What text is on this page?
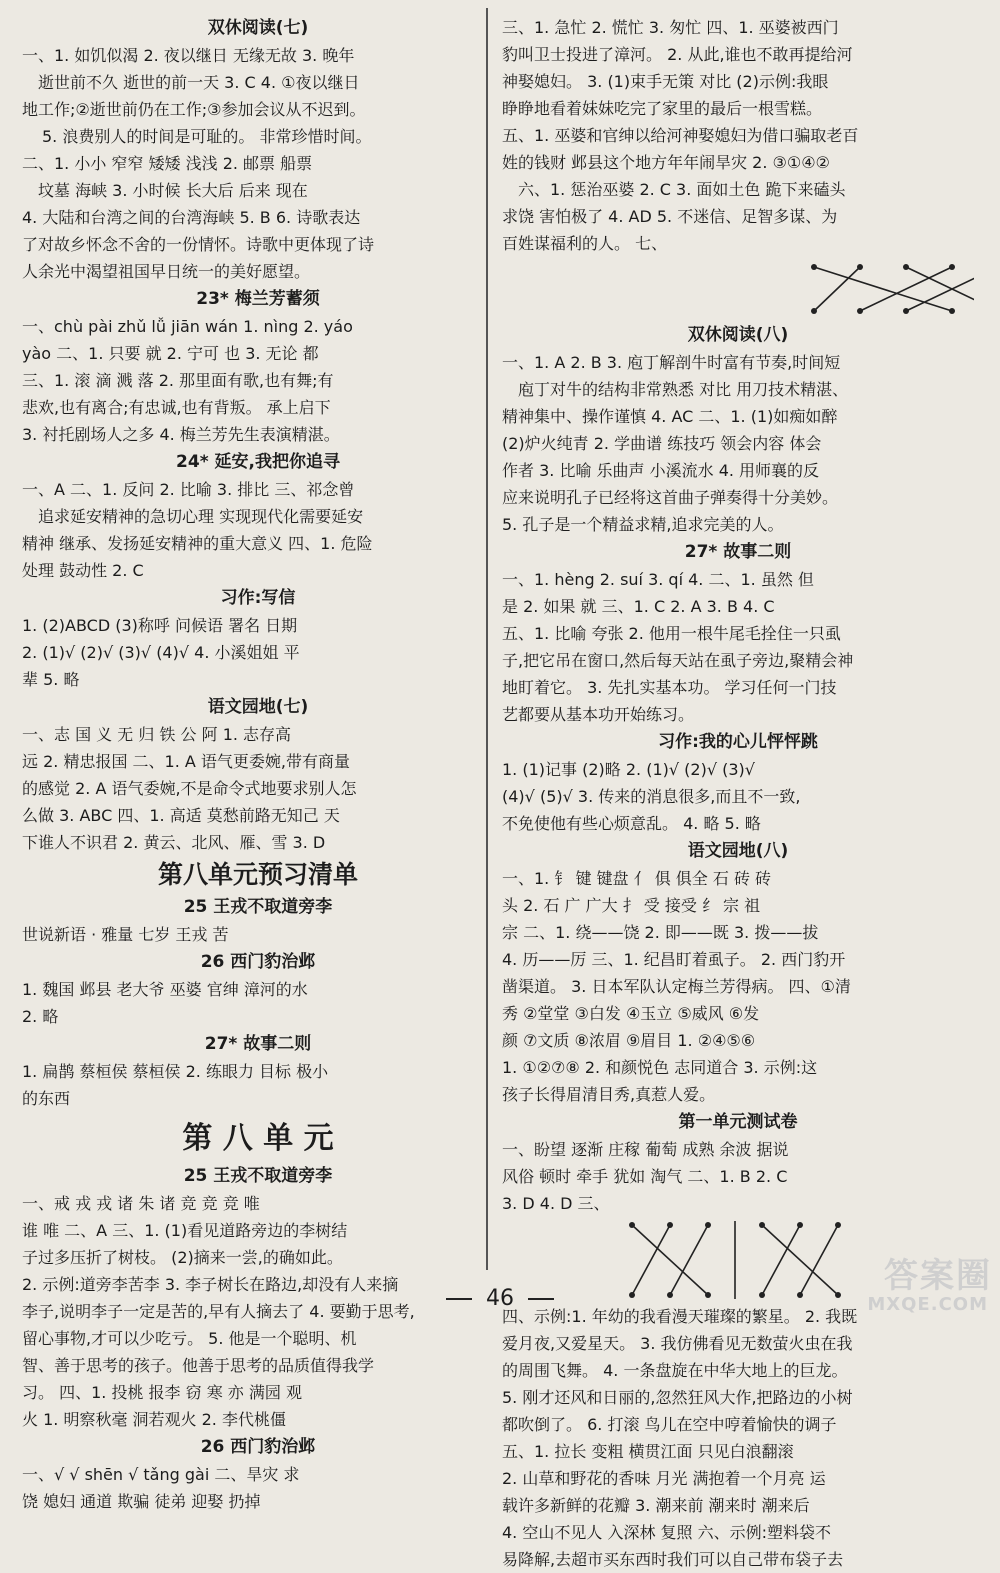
双休阅读(七)
一、1. 如饥似渴 2. 夜以继日 无缘无故 3. 晚年
逝世前不久 逝世的前一天 3. C 4. ①夜以继日
地工作;②逝世前仍在工作;③参加会议从不迟到。
5. 浪费别人的时间是可耻的。 非常珍惜时间。
二、1. 小小 窄窄 矮矮 浅浅 2. 邮票 船票
坟墓 海峡 3. 小时候 长大后 后来 现在
4. 大陆和台湾之间的台湾海峡 5. B 6. 诗歌表达
了对故乡怀念不舍的一份情怀。诗歌中更体现了诗
人余光中渴望祖国早日统一的美好愿望。
23* 梅兰芳蓄须
一、chù pài zhǔ lǚ jiān wán 1. nìng 2. yáo
yào 二、1. 只要 就 2. 宁可 也 3. 无论 都
三、1. 滚 滴 溅 落 2. 那里面有歌,也有舞;有
悲欢,也有离合;有忠诚,也有背叛。 承上启下
3. 衬托剧场人之多 4. 梅兰芳先生表演精湛。
24* 延安,我把你追寻
一、A 二、1. 反问 2. 比喻 3. 排比 三、祁念曾
追求延安精神的急切心理 实现现代化需要延安
精神 继承、发扬延安精神的重大意义 四、1. 危险
处理 鼓动性 2. C
习作:写信
1. (2)ABCD (3)称呼 问候语 署名 日期
2. (1)√ (2)√ (3)√ (4)√ 4. 小溪姐姐 平
辈 5. 略
语文园地(七)
一、志 国 义 无 归 铁 公 阿 1. 志存高
远 2. 精忠报国 二、1. A 语气更委婉,带有商量
的感觉 2. A 语气委婉,不是命令式地要求别人怎
么做 3. ABC 四、1. 高适 莫愁前路无知己 天
下谁人不识君 2. 黄云、北风、雁、雪 3. D
第八单元预习清单
25 王戎不取道旁李
世说新语 · 雅量 七岁 王戎 苦
26 西门豹治邺
1. 魏国 邺县 老大爷 巫婆 官绅 漳河的水
2. 略
27* 故事二则
1. 扁鹊 蔡桓侯 蔡桓侯 2. 练眼力 目标 极小
的东西
第 八 单 元
25 王戎不取道旁李
一、戒 戎 戎 诸 朱 诸 竞 竞 竞 唯
谁 唯 二、A 三、1. (1)看见道路旁边的李树结
子过多压折了树枝。 (2)摘来一尝,的确如此。
2. 示例:道旁李苦李 3. 李子树长在路边,却没有人来摘
李子,说明李子一定是苦的,早有人摘去了 4. 要勤于思考,
留心事物,才可以少吃亏。 5. 他是一个聪明、机
智、善于思考的孩子。他善于思考的品质值得我学
习。 四、1. 投桃 报李 窃 寒 亦 满园 观
火 1. 明察秋毫 洞若观火 2. 李代桃僵
26 西门豹治邺
一、√ √ shēn √ tǎng gài 二、旱灾 求
饶 媳妇 通道 欺骗 徒弟 迎娶 扔掉
三、1. 急忙 2. 慌忙 3. 匆忙 四、1. 巫婆被西门
豹叫卫士投进了漳河。 2. 从此,谁也不敢再提给河
神娶媳妇。 3. (1)束手无策 对比 (2)示例:我眼
睁睁地看着妹妹吃完了家里的最后一根雪糕。
五、1. 巫婆和官绅以给河神娶媳妇为借口骗取老百
姓的钱财 邺县这个地方年年闹旱灾 2. ③①④②
六、1. 惩治巫婆 2. C 3. 面如土色 跪下来磕头
求饶 害怕极了 4. AD 5. 不迷信、足智多谋、为
百姓谋福利的人。 七、
双休阅读(八)
一、1. A 2. B 3. 庖丁解剖牛时富有节奏,时间短
庖丁对牛的结构非常熟悉 对比 用刀技术精湛、
精神集中、操作谨慎 4. AC 二、1. (1)如痴如醉
(2)炉火纯青 2. 学曲谱 练技巧 领会内容 体会
作者 3. 比喻 乐曲声 小溪流水 4. 用师襄的反
应来说明孔子已经将这首曲子弹奏得十分美妙。
5. 孔子是一个精益求精,追求完美的人。
27* 故事二则
一、1. hèng 2. suí 3. qí 4. 二、1. 虽然 但
是 2. 如果 就 三、1. C 2. A 3. B 4. C
五、1. 比喻 夸张 2. 他用一根牛尾毛拴住一只虱
子,把它吊在窗口,然后每天站在虱子旁边,聚精会神
地盯着它。 3. 先扎实基本功。 学习任何一门技
艺都要从基本功开始练习。
习作:我的心儿怦怦跳
1. (1)记事 (2)略 2. (1)√ (2)√ (3)√
(4)√ (5)√ 3. 传来的消息很多,而且不一致,
不免使他有些心烦意乱。 4. 略 5. 略
语文园地(八)
一、1. 钅 键 键盘 亻 俱 俱全 石 砖 砖
头 2. 石 广 广大 扌 受 接受 纟 宗 祖
宗 二、1. 绕——饶 2. 即——既 3. 拨——拔
4. 历——厉 三、1. 纪昌盯着虱子。 2. 西门豹开
凿渠道。 3. 日本军队认定梅兰芳得病。 四、①清
秀 ②堂堂 ③白发 ④玉立 ⑤威风 ⑥发
颜 ⑦文质 ⑧浓眉 ⑨眉目 1. ②④⑤⑥
1. ①②⑦⑧ 2. 和颜悦色 志同道合 3. 示例:这
孩子长得眉清目秀,真惹人爱。
第一单元测试卷
一、盼望 逐渐 庄稼 葡萄 成熟 余波 据说
风俗 顿时 牵手 犹如 淘气 二、1. B 2. C
3. D 4. D 三、
四、示例:1. 年幼的我看漫天璀璨的繁星。 2. 我既
爱月夜,又爱星天。 3. 我仿佛看见无数萤火虫在我
的周围飞舞。 4. 一条盘旋在中华大地上的巨龙。
5. 刚才还风和日丽的,忽然狂风大作,把路边的小树
都吹倒了。 6. 打滚 鸟儿在空中哼着愉快的调子
五、1. 拉长 变粗 横贯江面 只见白浪翻滚
2. 山草和野花的香味 月光 满抱着一个月亮 运
载许多新鲜的花瓣 3. 潮来前 潮来时 潮来后
4. 空山不见人 入深林 复照 六、示例:塑料袋不
易降解,去超市买东西时我们可以自己带布袋子去
46
答案圈
MXQE.COM
